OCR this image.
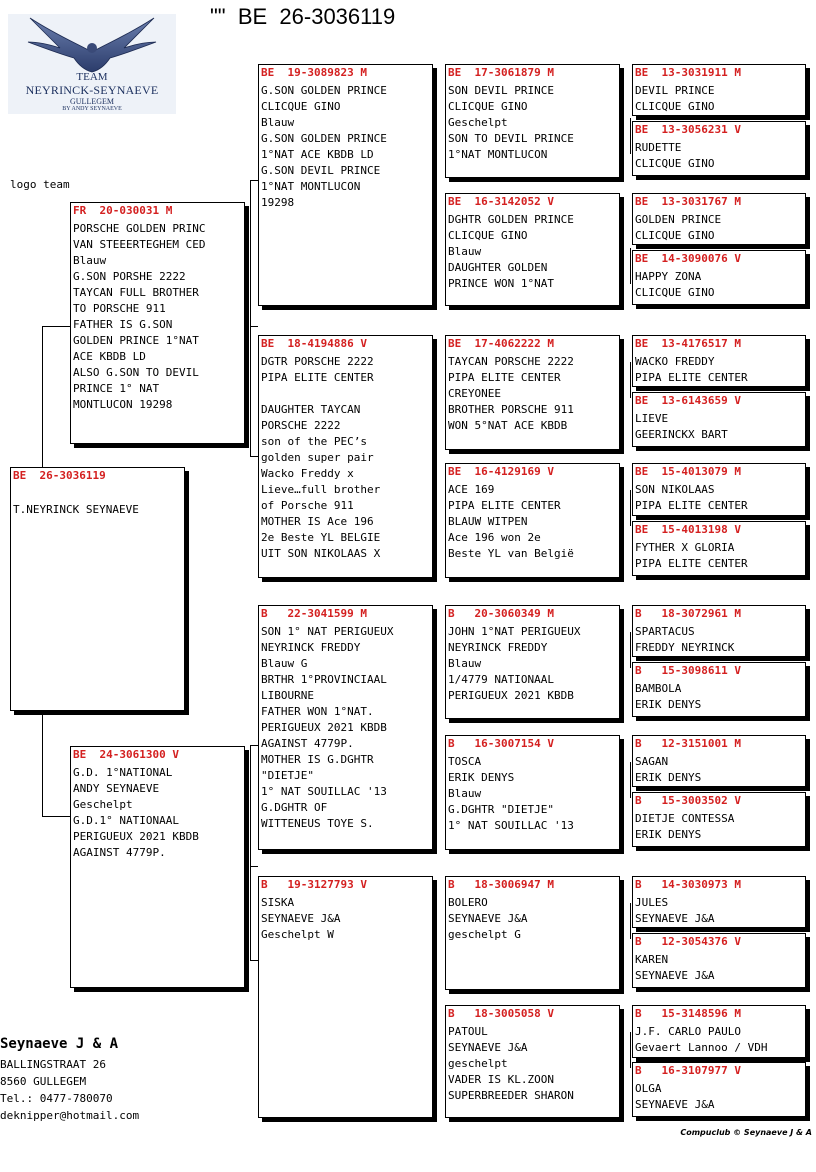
""  BE  26-3036119
TEAM
NEYRINCK-SEYNAEVE
GULLEGEM
BY ANDY SEYNAEVE
logo team
BE  26-3036119
T.NEYRINCK SEYNAEVE
FR  20-030031 M
PORSCHE GOLDEN PRINC
VAN STEEERTEGHEM CED
Blauw
G.SON PORSHE 2222
TAYCAN FULL BROTHER
TO PORSCHE 911
FATHER IS G.SON
GOLDEN PRINCE 1°NAT
ACE KBDB LD
ALSO G.SON TO DEVIL
PRINCE 1° NAT
MONTLUCON 19298
BE  24-3061300 V
G.D. 1°NATIONAL
ANDY SEYNAEVE
Geschelpt
G.D.1° NATIONAAL
PERIGUEUX 2021 KBDB
AGAINST 4779P.
BE  19-3089823 M
G.SON GOLDEN PRINCE
CLICQUE GINO
Blauw
G.SON GOLDEN PRINCE
1°NAT ACE KBDB LD
G.SON DEVIL PRINCE
1°NAT MONTLUCON
19298
BE  18-4194886 V
DGTR PORSCHE 2222
PIPA ELITE CENTER

DAUGHTER TAYCAN
PORSCHE 2222
son of the PEC’s
golden super pair
Wacko Freddy x
Lieve…full brother
of Porsche 911
MOTHER IS Ace 196
2e Beste YL BELGIE
UIT SON NIKOLAAS X
B   22-3041599 M
SON 1° NAT PERIGUEUX
NEYRINCK FREDDY
Blauw G
BRTHR 1°PROVINCIAAL
LIBOURNE
FATHER WON 1°NAT.
PERIGUEUX 2021 KBDB
AGAINST 4779P.
MOTHER IS G.DGHTR
"DIETJE"
1° NAT SOUILLAC '13
G.DGHTR OF
WITTENEUS TOYE S.
B   19-3127793 V
SISKA
SEYNAEVE J&A
Geschelpt W
BE  17-3061879 M
SON DEVIL PRINCE
CLICQUE GINO
Geschelpt
SON TO DEVIL PRINCE
1°NAT MONTLUCON
BE  16-3142052 V
DGHTR GOLDEN PRINCE
CLICQUE GINO
Blauw
DAUGHTER GOLDEN
PRINCE WON 1°NAT
BE  17-4062222 M
TAYCAN PORSCHE 2222
PIPA ELITE CENTER
CREYONEE
BROTHER PORSCHE 911
WON 5°NAT ACE KBDB
BE  16-4129169 V
ACE 169
PIPA ELITE CENTER
BLAUW WITPEN
Ace 196 won 2e
Beste YL van België
B   20-3060349 M
JOHN 1°NAT PERIGUEUX
NEYRINCK FREDDY
Blauw
1/4779 NATIONAAL
PERIGUEUX 2021 KBDB
B   16-3007154 V
TOSCA
ERIK DENYS
Blauw
G.DGHTR "DIETJE"
1° NAT SOUILLAC '13
B   18-3006947 M
BOLERO
SEYNAEVE J&A
geschelpt G
B   18-3005058 V
PATOUL
SEYNAEVE J&A
geschelpt
VADER IS KL.ZOON
SUPERBREEDER SHARON
BE  13-3031911 M
DEVIL PRINCE
CLICQUE GINO
BE  13-3056231 V
RUDETTE
CLICQUE GINO
BE  13-3031767 M
GOLDEN PRINCE
CLICQUE GINO
BE  14-3090076 V
HAPPY ZONA
CLICQUE GINO
BE  13-4176517 M
WACKO FREDDY
PIPA ELITE CENTER
BE  13-6143659 V
LIEVE
GEERINCKX BART
BE  15-4013079 M
SON NIKOLAAS
PIPA ELITE CENTER
BE  15-4013198 V
FYTHER X GLORIA
PIPA ELITE CENTER
B   18-3072961 M
SPARTACUS
FREDDY NEYRINCK
B   15-3098611 V
BAMBOLA
ERIK DENYS
B   12-3151001 M
SAGAN
ERIK DENYS
B   15-3003502 V
DIETJE CONTESSA
ERIK DENYS
B   14-3030973 M
JULES
SEYNAEVE J&A
B   12-3054376 V
KAREN
SEYNAEVE J&A
B   15-3148596 M
J.F. CARLO PAULO
Gevaert Lannoo / VDH
B   16-3107977 V
OLGA
SEYNAEVE J&A
Seynaeve J & A
BALLINGSTRAAT 26
8560 GULLEGEM
Tel.: 0477-780070
deknipper@hotmail.com
Compuclub © Seynaeve J & A
